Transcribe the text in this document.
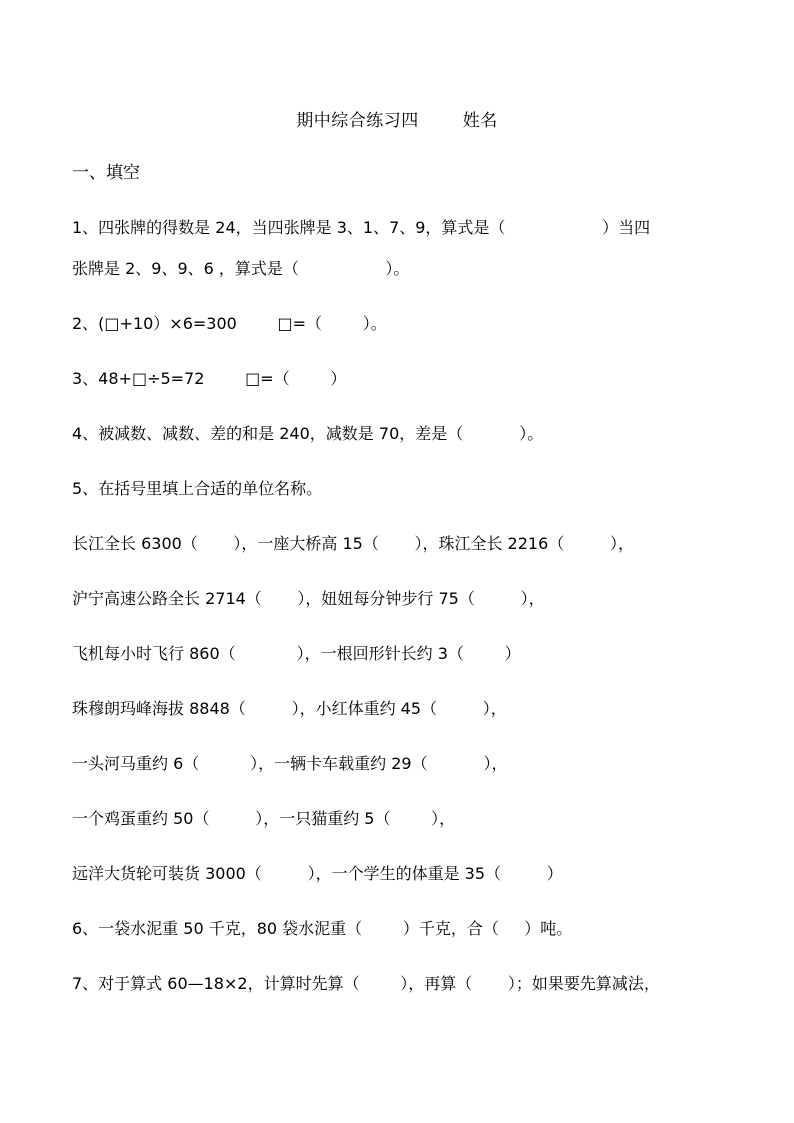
期中综合练习四	姓名
一、填空
1、四张牌的得数是 24，当四张牌是 3、1、7、9，算式是（                   ）当四
张牌是 2、9、9、6 ，算式是（                 ）。
2、(□+10）×6=300        □=（        ）。
3、48+□÷5=72        □=（        ）
4、被减数、减数、差的和是 240，减数是 70，差是（           ）。
5、在括号里填上合适的单位名称。
长江全长 6300（       ），一座大桥高 15（       ），珠江全长 2216（         ），
沪宁高速公路全长 2714（       ），妞妞每分钟步行 75（         ），
飞机每小时飞行 860（            ），一根回形针长约 3（        ）
珠穆朗玛峰海拔 8848（         ），小红体重约 45（         ），
一头河马重约 6（          ），一辆卡车载重约 29（           ），
一个鸡蛋重约 50（         ），一只猫重约 5（        ），
远洋大货轮可装货 3000（         ），一个学生的体重是 35（         ）
6、一袋水泥重 50 千克，80 袋水泥重（        ）千克，合（     ）吨。
7、对于算式 60—18×2，计算时先算（        ），再算（       ）；如果要先算减法，
